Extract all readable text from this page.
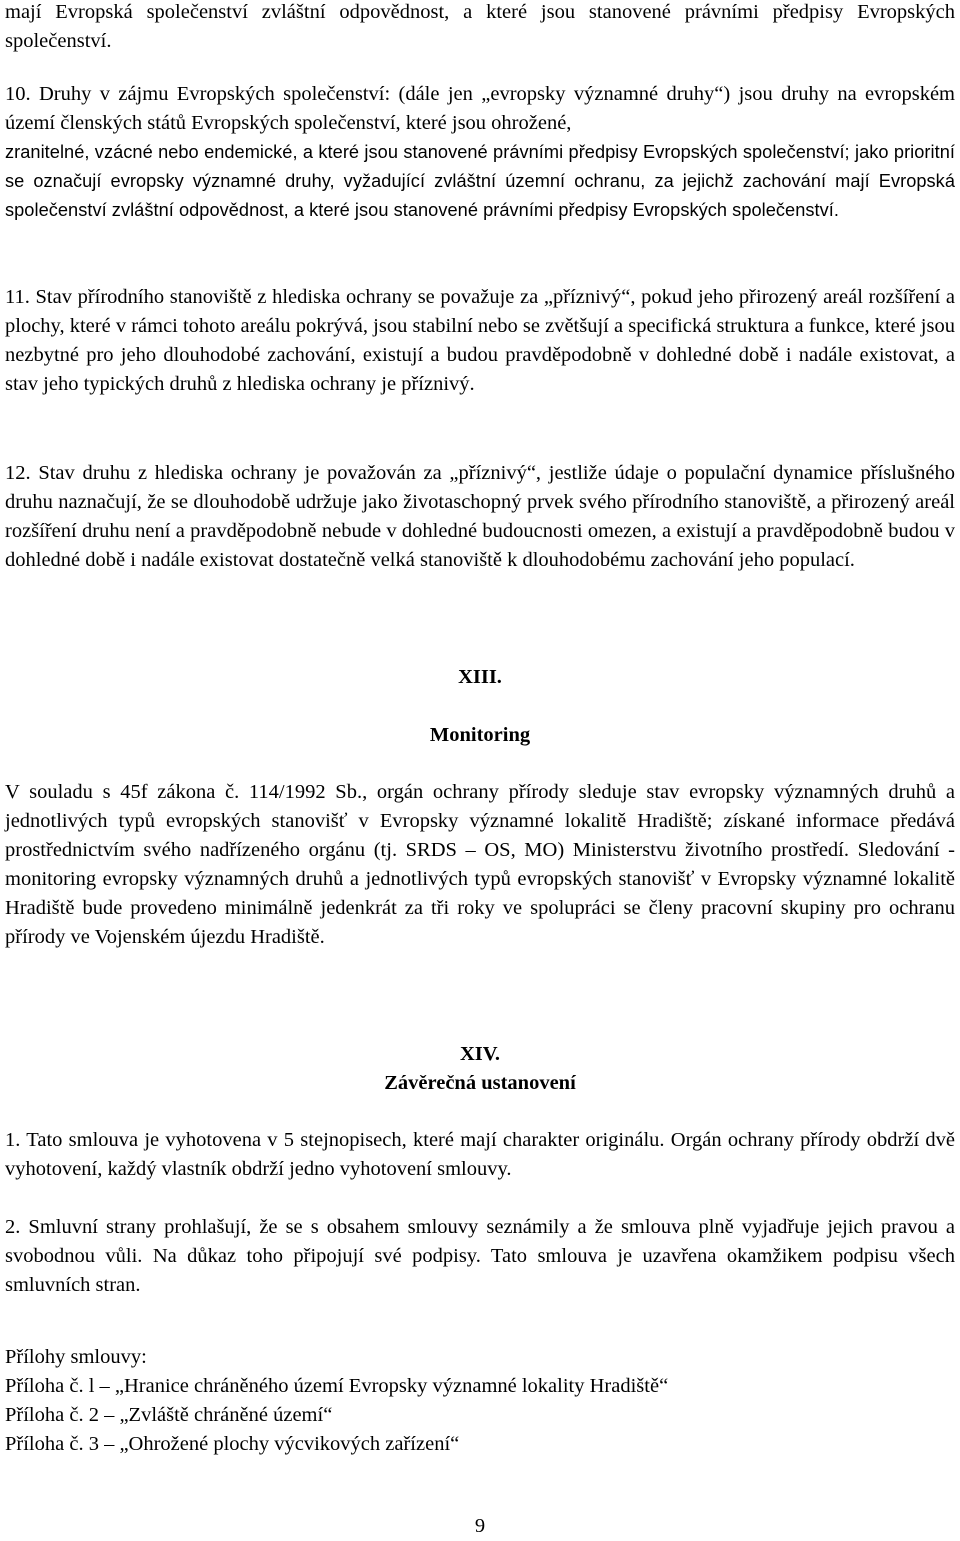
mají Evropská společenství zvláštní odpovědnost, a které jsou stanovené právními předpisy Evropských společenství.

10. Druhy v zájmu Evropských společenství: (dále jen „evropsky významné druhy“) jsou druhy na evropském území členských států Evropských společenství, které jsou ohrožené,

zranitelné, vzácné nebo endemické, a které jsou stanovené právními předpisy Evropských společenství; jako prioritní se označují evropsky významné druhy, vyžadující zvláštní územní ochranu, za jejichž zachování mají Evropská společenství zvláštní odpovědnost, a které jsou stanovené právními předpisy Evropských společenství.

11. Stav přírodního stanoviště z hlediska ochrany se považuje za „příznivý“, pokud jeho přirozený areál rozšíření a plochy, které v rámci tohoto areálu pokrývá, jsou stabilní nebo se zvětšují a specifická struktura a funkce, které jsou nezbytné pro jeho dlouhodobé zachování, existují a budou pravděpodobně v dohledné době i nadále existovat, a stav jeho typických druhů z hlediska ochrany je příznivý.

12. Stav druhu z hlediska ochrany je považován za „příznivý“, jestliže údaje o populační dynamice příslušného druhu naznačují, že se dlouhodobě udržuje jako životaschopný prvek svého přírodního stanoviště, a přirozený areál rozšíření druhu není a pravděpodobně nebude v dohledné budoucnosti omezen, a existují a pravděpodobně budou v dohledné době i nadále existovat dostatečně velká stanoviště k dlouhodobému zachování jeho populací.

XIII.
Monitoring

V souladu s 45f zákona č. 114/1992 Sb., orgán ochrany přírody sleduje stav evropsky významných druhů a jednotlivých typů evropských stanovišť v Evropsky významné lokalitě Hradiště; získané informace předává prostřednictvím svého nadřízeného orgánu (tj. SRDS – OS, MO) Ministerstvu životního prostředí. Sledování - monitoring evropsky významných druhů a jednotlivých typů evropských stanovišť v Evropsky významné lokalitě Hradiště bude provedeno minimálně jedenkrát za tři roky ve spolupráci se členy pracovní skupiny pro ochranu přírody ve Vojenském újezdu Hradiště.

XIV.
Závěrečná ustanovení

1. Tato smlouva je vyhotovena v 5 stejnopisech, které mají charakter originálu. Orgán ochrany přírody obdrží dvě vyhotovení, každý vlastník obdrží jedno vyhotovení smlouvy.

2. Smluvní strany prohlašují, že se s obsahem smlouvy seznámily a že smlouva plně vyjadřuje jejich pravou a svobodnou vůli. Na důkaz toho připojují své podpisy. Tato smlouva je uzavřena okamžikem podpisu všech smluvních stran.

Přílohy smlouvy:
Příloha č. l – „Hranice chráněného území Evropsky významné lokality Hradiště“
Příloha č. 2 – „Zvláště chráněné území“
Příloha č. 3 – „Ohrožené plochy výcvikových zařízení“
9
